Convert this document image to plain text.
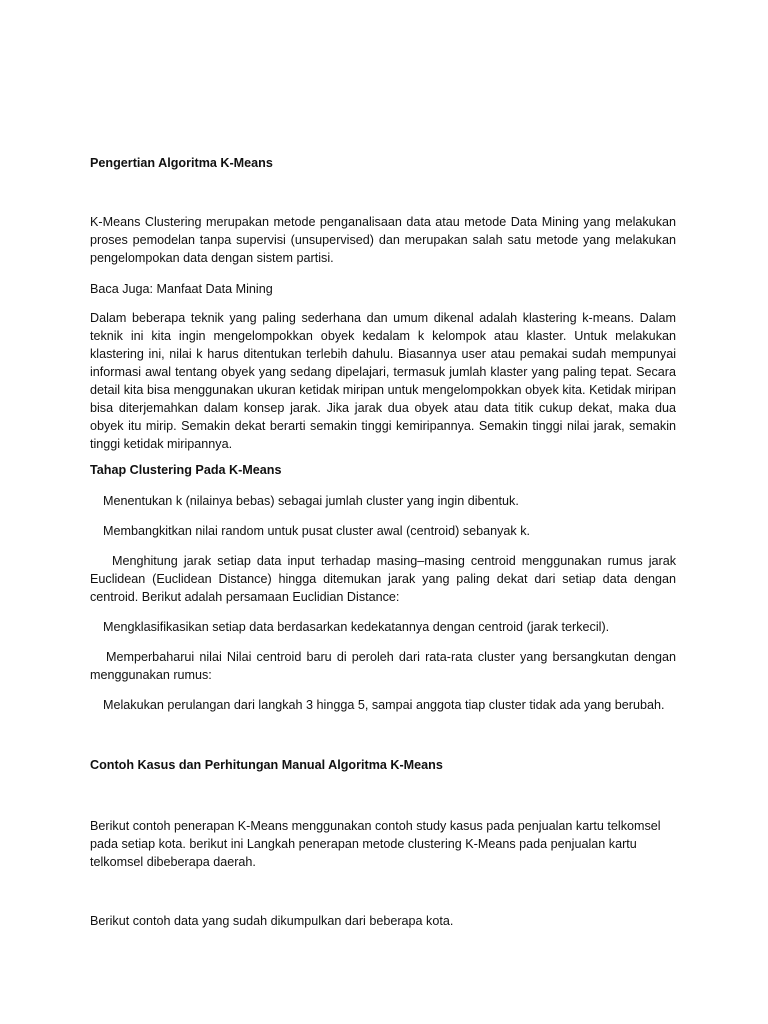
Pengertian Algoritma K-Means

K-Means Clustering merupakan metode penganalisaan data atau metode Data Mining yang melakukan proses pemodelan tanpa supervisi (unsupervised) dan merupakan salah satu metode yang melakukan pengelompokan data dengan sistem partisi.

Baca Juga: Manfaat Data Mining

Dalam beberapa teknik yang paling sederhana dan umum dikenal adalah klastering k-means. Dalam teknik ini kita ingin mengelompokkan obyek kedalam k kelompok atau klaster. Untuk melakukan klastering ini, nilai k harus ditentukan terlebih dahulu. Biasannya user atau pemakai sudah mempunyai informasi awal tentang obyek yang sedang dipelajari, termasuk jumlah klaster yang paling tepat. Secara detail kita bisa menggunakan ukuran ketidak miripan untuk mengelompokkan obyek kita. Ketidak miripan bisa diterjemahkan dalam konsep jarak. Jika jarak dua obyek atau data titik cukup dekat, maka dua obyek itu mirip. Semakin dekat berarti semakin tinggi kemiripannya. Semakin tinggi nilai jarak, semakin tinggi ketidak miripannya.

Tahap Clustering Pada K-Means

Menentukan k (nilainya bebas) sebagai jumlah cluster yang ingin dibentuk.

Membangkitkan nilai random untuk pusat cluster awal (centroid) sebanyak k.

Menghitung jarak setiap data input terhadap masing–masing centroid menggunakan rumus jarak Euclidean (Euclidean Distance) hingga ditemukan jarak yang paling dekat dari setiap data dengan centroid. Berikut adalah persamaan Euclidian Distance:

Mengklasifikasikan setiap data berdasarkan kedekatannya dengan centroid (jarak terkecil).

Memperbaharui nilai Nilai centroid baru di peroleh dari rata-rata cluster yang bersangkutan dengan menggunakan rumus:

Melakukan perulangan dari langkah 3 hingga 5, sampai anggota tiap cluster tidak ada yang berubah.

Contoh Kasus dan Perhitungan Manual Algoritma K-Means

Berikut contoh penerapan K-Means menggunakan contoh study kasus pada penjualan kartu telkomsel pada setiap kota. berikut ini Langkah penerapan metode clustering K-Means pada penjualan kartu telkomsel dibeberapa daerah.

Berikut contoh data yang sudah dikumpulkan dari beberapa kota.
